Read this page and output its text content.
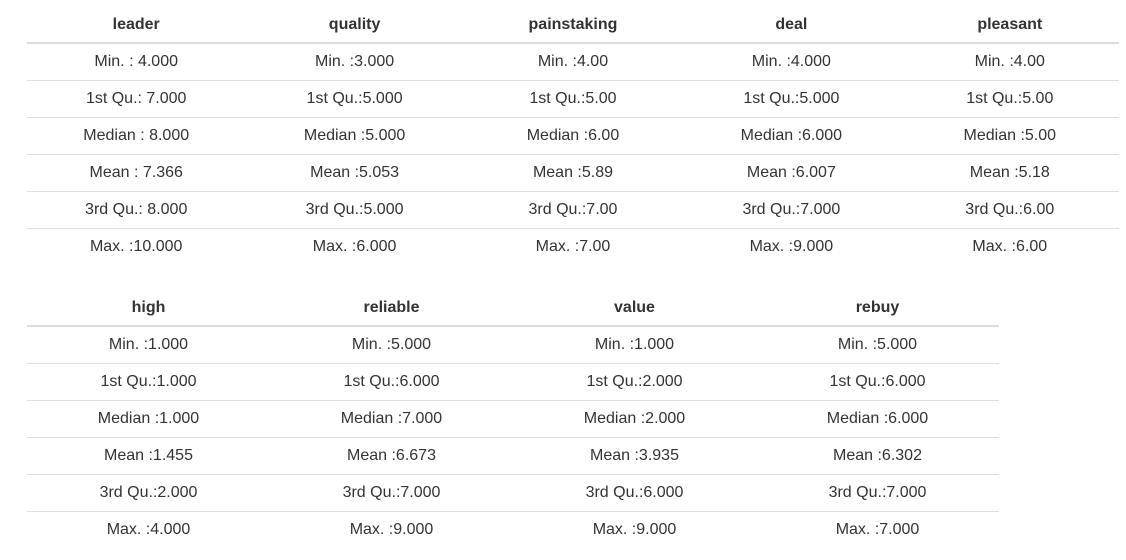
leader	quality	painstaking	deal	pleasant
Min. : 4.000	Min. :3.000	Min. :4.00	Min. :4.000	Min. :4.00
1st Qu.: 7.000	1st Qu.:5.000	1st Qu.:5.00	1st Qu.:5.000	1st Qu.:5.00
Median : 8.000	Median :5.000	Median :6.00	Median :6.000	Median :5.00
Mean : 7.366	Mean :5.053	Mean :5.89	Mean :6.007	Mean :5.18
3rd Qu.: 8.000	3rd Qu.:5.000	3rd Qu.:7.00	3rd Qu.:7.000	3rd Qu.:6.00
Max. :10.000	Max. :6.000	Max. :7.00	Max. :9.000	Max. :6.00
high	reliable	value	rebuy
Min. :1.000	Min. :5.000	Min. :1.000	Min. :5.000
1st Qu.:1.000	1st Qu.:6.000	1st Qu.:2.000	1st Qu.:6.000
Median :1.000	Median :7.000	Median :2.000	Median :6.000
Mean :1.455	Mean :6.673	Mean :3.935	Mean :6.302
3rd Qu.:2.000	3rd Qu.:7.000	3rd Qu.:6.000	3rd Qu.:7.000
Max. :4.000	Max. :9.000	Max. :9.000	Max. :7.000
